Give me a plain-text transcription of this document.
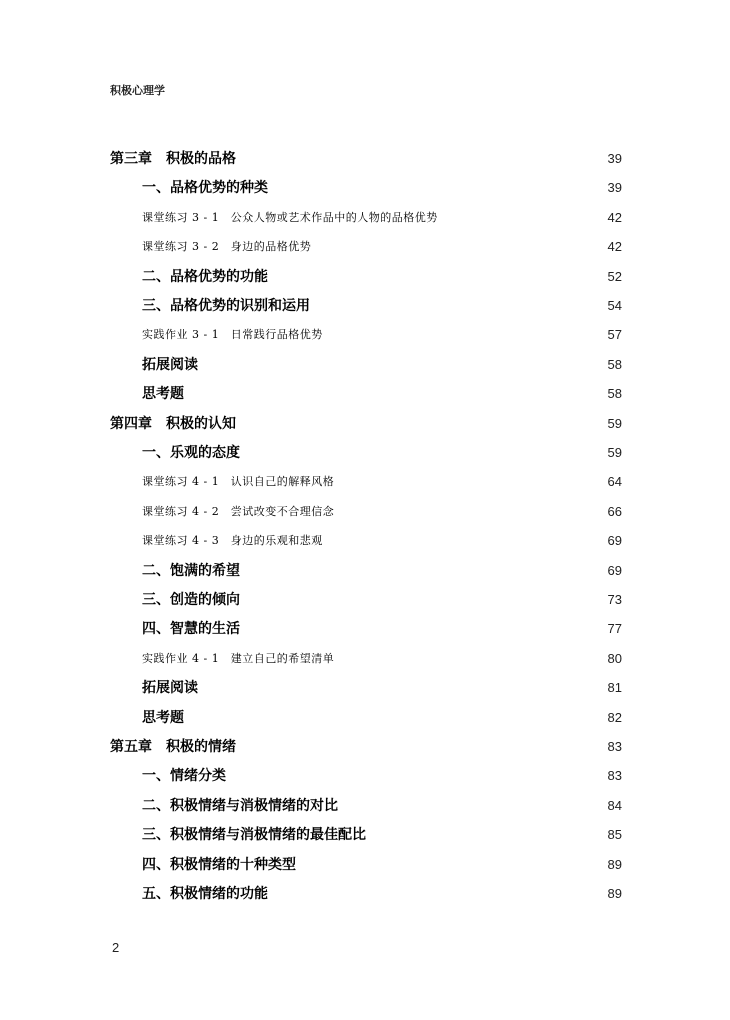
积极心理学
第三章　积极的品格	39
一、品格优势的种类	39
课堂练习 3 - 1　公众人物或艺术作品中的人物的品格优势	42
课堂练习 3 - 2　身边的品格优势	42
二、品格优势的功能	52
三、品格优势的识别和运用	54
实践作业 3 - 1　日常践行品格优势	57
拓展阅读	58
思考题	58
第四章　积极的认知	59
一、乐观的态度	59
课堂练习 4 - 1　认识自己的解释风格	64
课堂练习 4 - 2　尝试改变不合理信念	66
课堂练习 4 - 3　身边的乐观和悲观	69
二、饱满的希望	69
三、创造的倾向	73
四、智慧的生活	77
实践作业 4 - 1　建立自己的希望清单	80
拓展阅读	81
思考题	82
第五章　积极的情绪	83
一、情绪分类	83
二、积极情绪与消极情绪的对比	84
三、积极情绪与消极情绪的最佳配比	85
四、积极情绪的十种类型	89
五、积极情绪的功能	89
2
